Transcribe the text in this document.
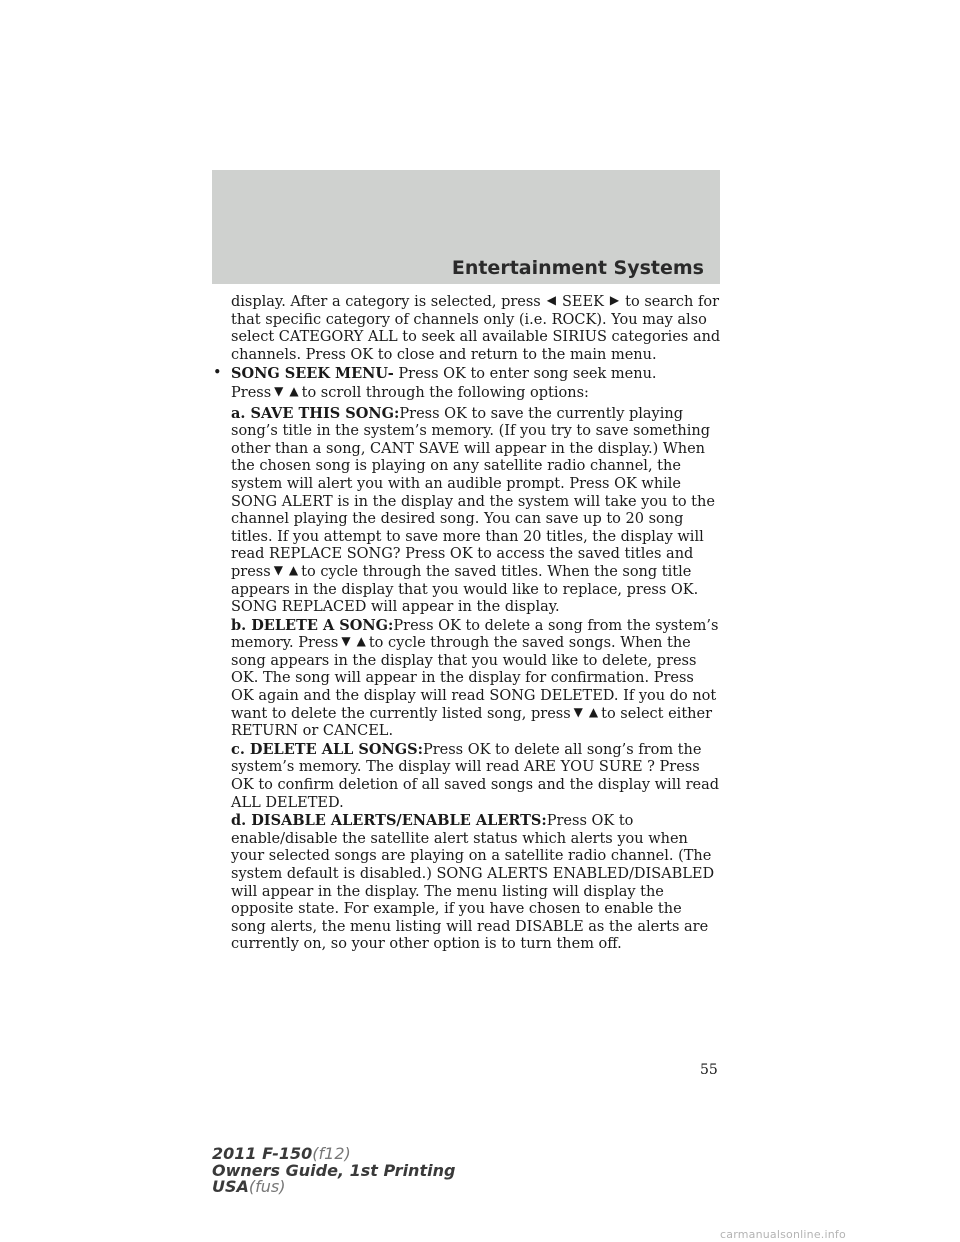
Entertainment Systems

display. After a category is selected, press ◀ SEEK ▶ to search for that specific category of channels only (i.e. ROCK). You may also select CATEGORY ALL to seek all available SIRIUS categories and channels. Press OK to close and return to the main menu.

• SONG SEEK MENU- Press OK to enter song seek menu.

Press ▼ ▲ to scroll through the following options:

a. SAVE THIS SONG:Press OK to save the currently playing song’s title in the system’s memory. (If you try to save something other than a song, CANT SAVE will appear in the display.) When the chosen song is playing on any satellite radio channel, the system will alert you with an audible prompt. Press OK while SONG ALERT is in the display and the system will take you to the channel playing the desired song. You can save up to 20 song titles. If you attempt to save more than 20 titles, the display will read REPLACE SONG? Press OK to access the saved titles and press ▼ ▲ to cycle through the saved titles. When the song title appears in the display that you would like to replace, press OK. SONG REPLACED will appear in the display.

b. DELETE A SONG:Press OK to delete a song from the system’s memory. Press ▼ ▲ to cycle through the saved songs. When the song appears in the display that you would like to delete, press OK. The song will appear in the display for confirmation. Press OK again and the display will read SONG DELETED. If you do not want to delete the currently listed song, press ▼ ▲ to select either RETURN or CANCEL.

c. DELETE ALL SONGS:Press OK to delete all song’s from the system’s memory. The display will read ARE YOU SURE ? Press OK to confirm deletion of all saved songs and the display will read ALL DELETED.

d. DISABLE ALERTS/ENABLE ALERTS:Press OK to enable/disable the satellite alert status which alerts you when your selected songs are playing on a satellite radio channel. (The system default is disabled.) SONG ALERTS ENABLED/DISABLED will appear in the display. The menu listing will display the opposite state. For example, if you have chosen to enable the song alerts, the menu listing will read DISABLE as the alerts are currently on, so your other option is to turn them off.

55
2011 F-150(f12)
Owners Guide, 1st Printing
USA(fus)
carmanualsonline.info
